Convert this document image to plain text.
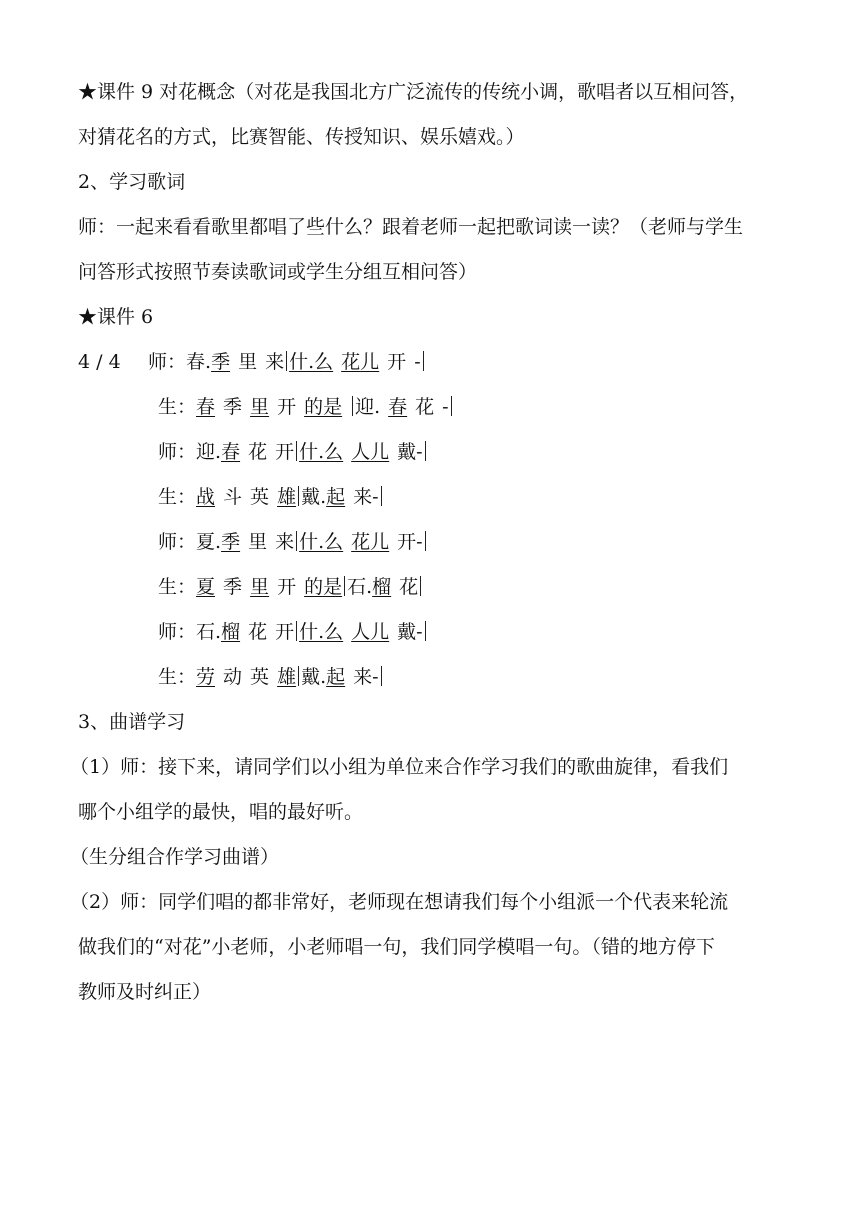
★课件 9 对花概念（对花是我国北方广泛流传的传统小调，歌唱者以互相问答，
对猜花名的方式，比赛智能、传授知识、娱乐嬉戏。）
2、学习歌词
师：一起来看看歌里都唱了些什么？跟着老师一起把歌词读一读？（老师与学生
问答形式按照节奏读歌词或学生分组互相问答）
★课件 6
4 / 4 师：春.季 里 来 什.么 花儿 开 -
生：春 季 里 开 的是 迎. 春 花 -
师：迎.春 花 开 什.么 人儿 戴-
生：战 斗 英 雄 戴.起 来-
师：夏.季 里 来 什.么 花儿 开-
生：夏 季 里 开 的是 石.榴 花
师：石.榴 花 开 什.么 人儿 戴-
生：劳 动 英 雄 戴.起 来-
3、曲谱学习
（1）师：接下来，请同学们以小组为单位来合作学习我们的歌曲旋律，看我们
哪个小组学的最快，唱的最好听。
（生分组合作学习曲谱）
（2）师：同学们唱的都非常好，老师现在想请我们每个小组派一个代表来轮流
做我们的“对花”小老师，小老师唱一句，我们同学模唱一句。（错的地方停下
教师及时纠正）
